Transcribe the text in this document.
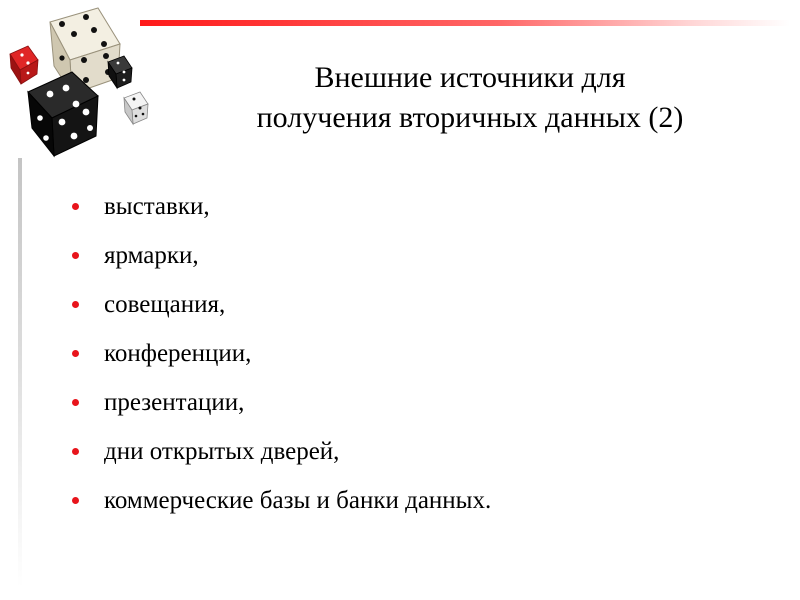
Внешние источники для
получения вторичных данных (2)
выставки,
ярмарки,
совещания,
конференции,
презентации,
дни открытых дверей,
коммерческие базы и банки данных.
